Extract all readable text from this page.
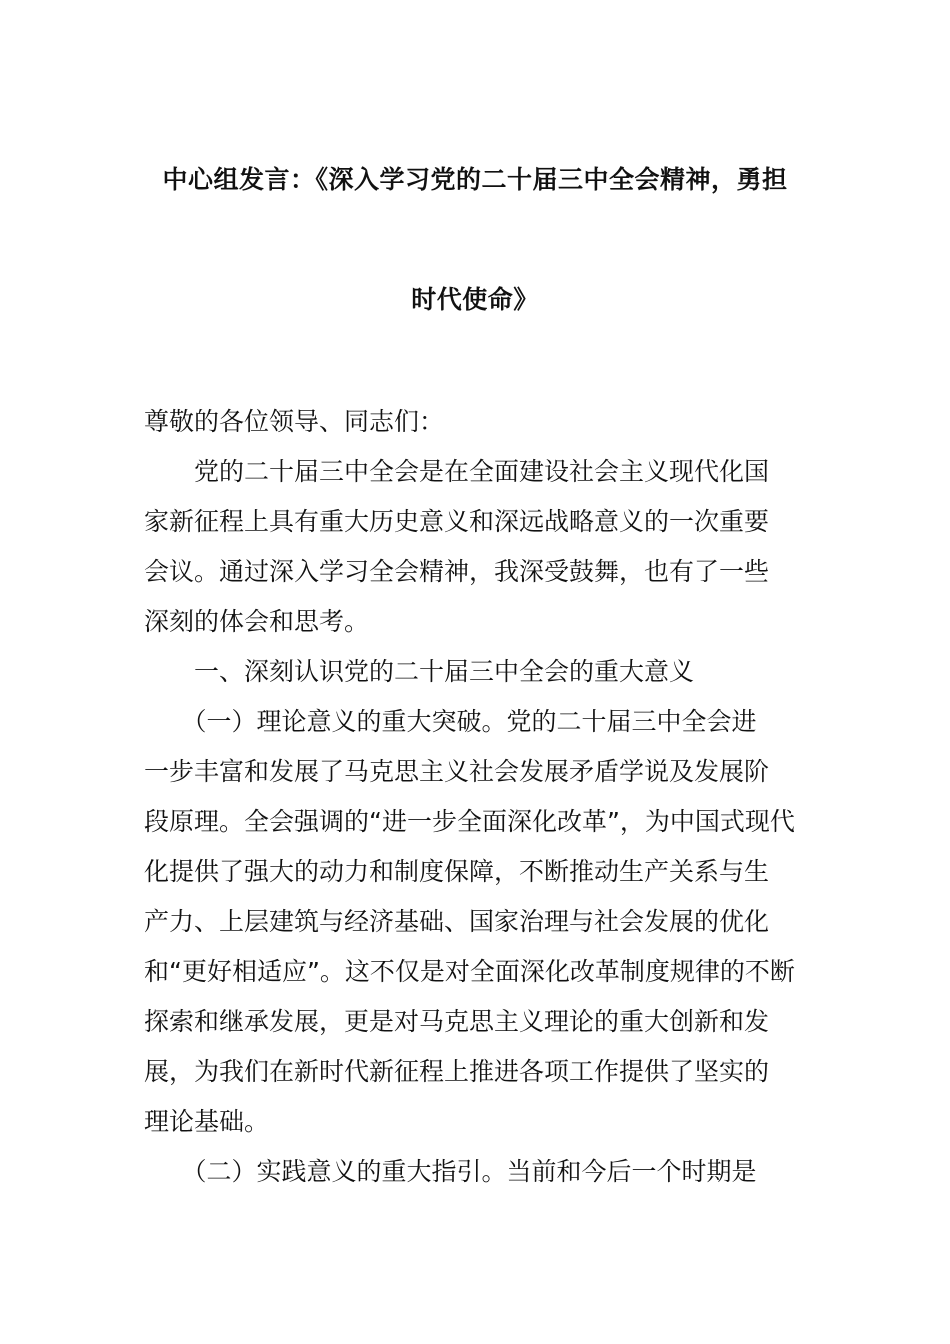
中心组发言：《深入学习党的二十届三中全会精神，勇担
时代使命》
尊敬的各位领导、同志们：
　　党的二十届三中全会是在全面建设社会主义现代化国
家新征程上具有重大历史意义和深远战略意义的一次重要
会议。通过深入学习全会精神，我深受鼓舞，也有了一些
深刻的体会和思考。
　　一、深刻认识党的二十届三中全会的重大意义
　　（一）理论意义的重大突破。党的二十届三中全会进
一步丰富和发展了马克思主义社会发展矛盾学说及发展阶
段原理。全会强调的“进一步全面深化改革”，为中国式现代
化提供了强大的动力和制度保障，不断推动生产关系与生
产力、上层建筑与经济基础、国家治理与社会发展的优化
和“更好相适应”。这不仅是对全面深化改革制度规律的不断
探索和继承发展，更是对马克思主义理论的重大创新和发
展，为我们在新时代新征程上推进各项工作提供了坚实的
理论基础。
　　（二）实践意义的重大指引。当前和今后一个时期是
